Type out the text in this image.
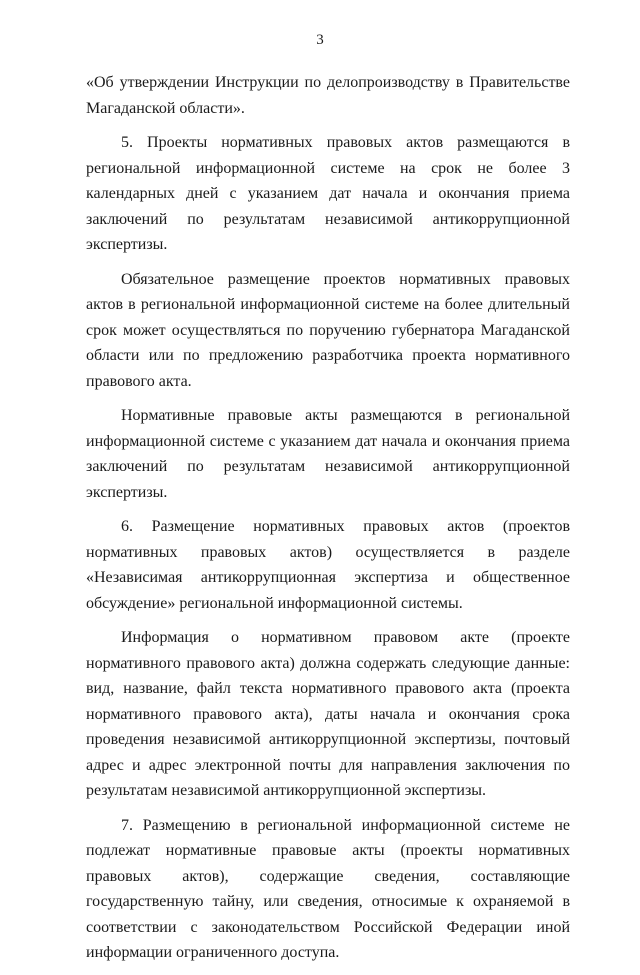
3

«Об утверждении Инструкции по делопроизводству в Правительстве Магаданской области».

5. Проекты нормативных правовых актов размещаются в региональной информационной системе на срок не более 3 календарных дней с указанием дат начала и окончания приема заключений по результатам независимой антикоррупционной экспертизы.

Обязательное размещение проектов нормативных правовых актов в региональной информационной системе на более длительный срок может осуществляться по поручению губернатора Магаданской области или по предложению разработчика проекта нормативного правового акта.

Нормативные правовые акты размещаются в региональной информационной системе с указанием дат начала и окончания приема заключений по результатам независимой антикоррупционной экспертизы.

6. Размещение нормативных правовых актов (проектов нормативных правовых актов) осуществляется в разделе «Независимая антикоррупционная экспертиза и общественное обсуждение» региональной информационной системы.

Информация о нормативном правовом акте (проекте нормативного правового акта) должна содержать следующие данные: вид, название, файл текста нормативного правового акта (проекта нормативного правового акта), даты начала и окончания срока проведения независимой антикоррупционной экспертизы, почтовый адрес и адрес электронной почты для направления заключения по результатам независимой антикоррупционной экспертизы.

7. Размещению в региональной информационной системе не подлежат нормативные правовые акты (проекты нормативных правовых актов), содержащие сведения, составляющие государственную тайну, или сведения, относимые к охраняемой в соответствии с законодательством Российской Федерации иной информации ограниченного доступа.
